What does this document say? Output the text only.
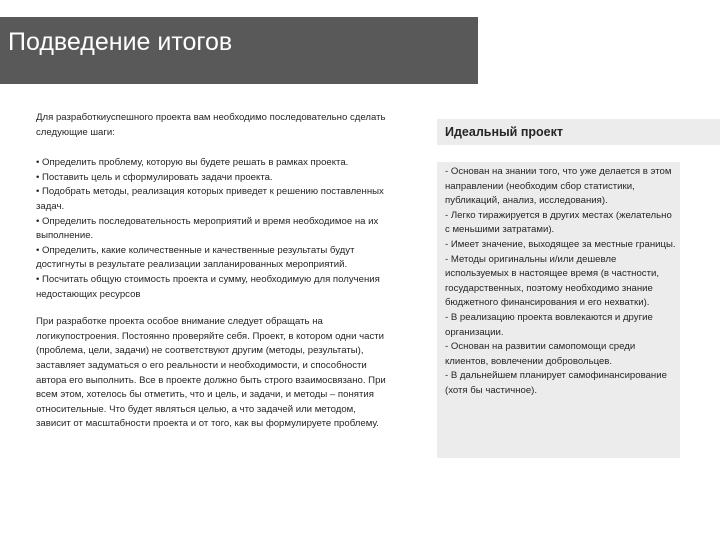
Подведение итогов

Для разработкиуспешного проекта вам необходимо последовательно сделать следующие шаги:

• Определить проблему, которую вы будете решать в рамках проекта.
• Поставить цель и сформулировать задачи проекта.
• Подобрать методы, реализация которых приведет к решению поставленных задач.
• Определить последовательность мероприятий и время необходимое на их выполнение.
• Определить, какие количественные и качественные результаты будут достигнуты в результате реализации запланированных мероприятий.
• Посчитать общую стоимость проекта и сумму, необходимую для получения недостающих ресурсов

При разработке проекта особое внимание следует обращать на логикупостроения. Постоянно проверяйте себя. Проект, в котором одни части (проблема, цели, задачи) не соответствуют другим (методы, результаты), заставляет задуматься о его реальности и необходимости, и способности автора его выполнить. Все в проекте должно быть строго взаимосвязано. При всем этом, хотелось бы отметить, что и цель, и задачи, и методы – понятия относительные. Что будет являться целью, а что задачей или методом, зависит от масштабности проекта и от того, как вы формулируете проблему.

Идеальный проект
- Основан на знании того, что уже делается в этом направлении (необходим сбор статистики, публикаций, анализ, исследования).
- Легко тиражируется в других местах (желательно с меньшими затратами).
- Имеет значение, выходящее за местные границы.
- Методы оригинальны и/или дешевле используемых в настоящее время (в частности, государственных, поэтому необходимо знание бюджетного финансирования и его нехватки).
- В реализацию проекта вовлекаются и другие организации.
- Основан на развитии самопомощи среди клиентов, вовлечении добровольцев.
- В дальнейшем планирует самофинансирование (хотя бы частичное).
